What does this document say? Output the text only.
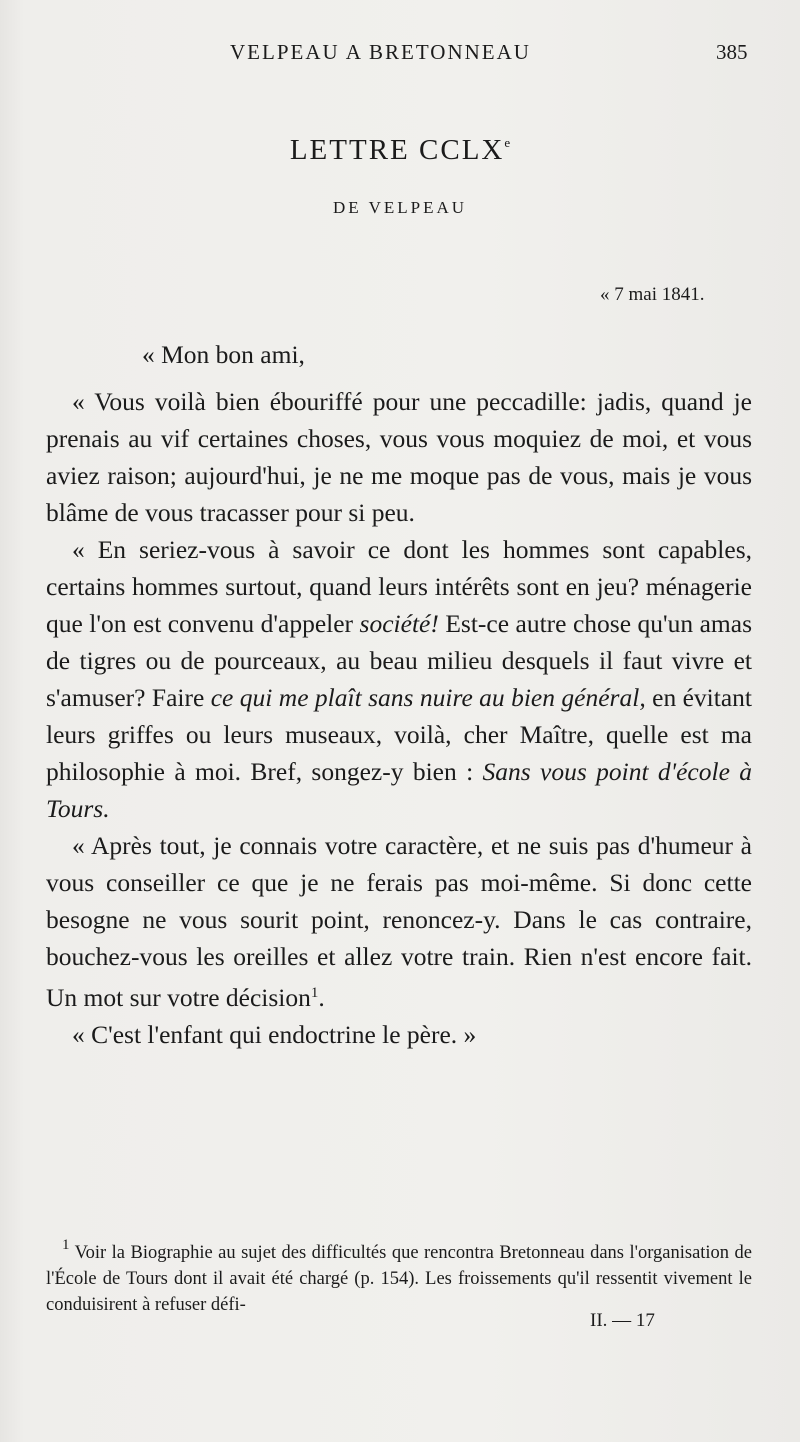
VELPEAU A BRETONNEAU	385
LETTRE CCLXe
DE VELPEAU
« 7 mai 1841.

« Mon bon ami,

« Vous voilà bien ébouriffé pour une peccadille: jadis, quand je prenais au vif certaines choses, vous vous moquiez de moi, et vous aviez raison; aujourd'hui, je ne me moque pas de vous, mais je vous blâme de vous tracasser pour si peu.

« En seriez-vous à savoir ce dont les hommes sont capables, certains hommes surtout, quand leurs intérêts sont en jeu? ménagerie que l'on est convenu d'appeler société! Est-ce autre chose qu'un amas de tigres ou de pourceaux, au beau milieu desquels il faut vivre et s'amuser? Faire ce qui me plaît sans nuire au bien général, en évitant leurs griffes ou leurs museaux, voilà, cher Maître, quelle est ma philosophie à moi. Bref, songez-y bien : Sans vous point d'école à Tours.

« Après tout, je connais votre caractère, et ne suis pas d'humeur à vous conseiller ce que je ne ferais pas moi-même. Si donc cette besogne ne vous sourit point, renoncez-y. Dans le cas contraire, bouchez-vous les oreilles et allez votre train. Rien n'est encore fait. Un mot sur votre décision$^1$.

« C'est l'enfant qui endoctrine le père. »

$^1$ Voir la Biographie au sujet des difficultés que rencontra Bretonneau dans l'organisation de l'École de Tours dont il avait été chargé (p. 154). Les froissements qu'il ressentit vivement le conduisirent à refuser défi-

II. — 17
